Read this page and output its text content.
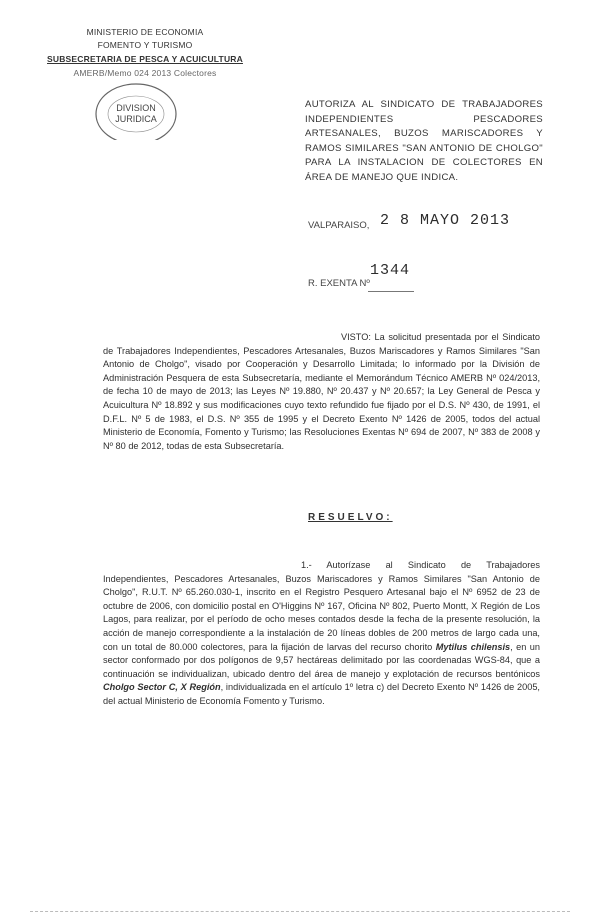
MINISTERIO DE ECONOMIA
FOMENTO Y TURISMO
SUBSECRETARIA DE PESCA Y ACUICULTURA
AMERB/Memo 024 2013 Colectores
DIVISION
JURIDICA
AUTORIZA AL SINDICATO DE TRABAJADORES INDEPENDIENTES PESCADORES ARTESANALES, BUZOS MARISCADORES Y RAMOS SIMILARES "SAN ANTONIO DE CHOLGO" PARA LA INSTALACION DE COLECTORES EN ÁREA DE MANEJO QUE INDICA.
VALPARAISO, 2 8 MAYO 2013
R. EXENTA Nº
1344

VISTO: La solicitud presentada por el Sindicato de Trabajadores Independientes, Pescadores Artesanales, Buzos Mariscadores y Ramos Similares "San Antonio de Cholgo", visado por Cooperación y Desarrollo Limitada; lo informado por la División de Administración Pesquera de esta Subsecretaría, mediante el Memorándum Técnico AMERB Nº 024/2013, de fecha 10 de mayo de 2013; las Leyes Nº 19.880, Nº 20.437 y Nº 20.657; la Ley General de Pesca y Acuicultura Nº 18.892 y sus modificaciones cuyo texto refundido fue fijado por el D.S. Nº 430, de 1991, el D.F.L. Nº 5 de 1983, el D.S. Nº 355 de 1995 y el Decreto Exento Nº 1426 de 2005, todos del actual Ministerio de Economía, Fomento y Turismo; las Resoluciones Exentas Nº 694 de 2007, Nº 383 de 2008 y Nº 80 de 2012, todas de esta Subsecretaría.

RESUELVO:

1.- Autorízase al Sindicato de Trabajadores Independientes, Pescadores Artesanales, Buzos Mariscadores y Ramos Similares "San Antonio de Cholgo", R.U.T. Nº 65.260.030-1, inscrito en el Registro Pesquero Artesanal bajo el Nº 6952 de 23 de octubre de 2006, con domicilio postal en O'Higgins Nº 167, Oficina Nº 802, Puerto Montt, X Región de Los Lagos, para realizar, por el período de ocho meses contados desde la fecha de la presente resolución, la acción de manejo correspondiente a la instalación de 20 líneas dobles de 200 metros de largo cada una, con un total de 80.000 colectores, para la fijación de larvas del recurso chorito Mytilus chilensis, en un sector conformado por dos polígonos de 9,57 hectáreas delimitado por las coordenadas WGS-84, que a continuación se individualizan, ubicado dentro del área de manejo y explotación de recursos bentónicos Cholgo Sector C, X Región, individualizada en el artículo 1º letra c) del Decreto Exento Nº 1426 de 2005, del actual Ministerio de Economía Fomento y Turismo.
